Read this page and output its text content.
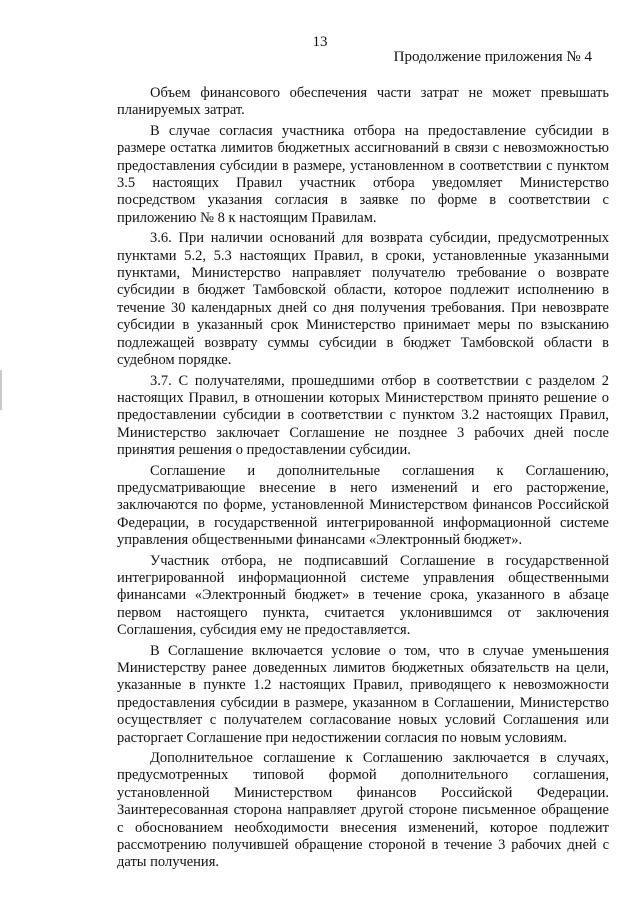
13
Продолжение приложения № 4

Объем финансового обеспечения части затрат не может превышать планируемых затрат.

В случае согласия участника отбора на предоставление субсидии в размере остатка лимитов бюджетных ассигнований в связи с невозможностью предоставления субсидии в размере, установленном в соответствии с пунктом 3.5 настоящих Правил участник отбора уведомляет Министерство посредством указания согласия в заявке по форме в соответствии с приложению № 8 к настоящим Правилам.

3.6. При наличии оснований для возврата субсидии, предусмотренных пунктами 5.2, 5.3 настоящих Правил, в сроки, установленные указанными пунктами, Министерство направляет получателю требование о возврате субсидии в бюджет Тамбовской области, которое подлежит исполнению в течение 30 календарных дней со дня получения требования. При невозврате субсидии в указанный срок Министерство принимает меры по взысканию подлежащей возврату суммы субсидии в бюджет Тамбовской области в судебном порядке.

3.7. С получателями, прошедшими отбор в соответствии с разделом 2 настоящих Правил, в отношении которых Министерством принято решение о предоставлении субсидии в соответствии с пунктом 3.2 настоящих Правил, Министерство заключает Соглашение не позднее 3 рабочих дней после принятия решения о предоставлении субсидии.

Соглашение и дополнительные соглашения к Соглашению, предусматривающие внесение в него изменений и его расторжение, заключаются по форме, установленной Министерством финансов Российской Федерации, в государственной интегрированной информационной системе управления общественными финансами «Электронный бюджет».

Участник отбора, не подписавший Соглашение в государственной интегрированной информационной системе управления общественными финансами «Электронный бюджет» в течение срока, указанного в абзаце первом настоящего пункта, считается уклонившимся от заключения Соглашения, субсидия ему не предоставляется.

В Соглашение включается условие о том, что в случае уменьшения Министерству ранее доведенных лимитов бюджетных обязательств на цели, указанные в пункте 1.2 настоящих Правил, приводящего к невозможности предоставления субсидии в размере, указанном в Соглашении, Министерство осуществляет с получателем согласование новых условий Соглашения или расторгает Соглашение при недостижении согласия по новым условиям.

Дополнительное соглашение к Соглашению заключается в случаях, предусмотренных типовой формой дополнительного соглашения, установленной Министерством финансов Российской Федерации. Заинтересованная сторона направляет другой стороне письменное обращение с обоснованием необходимости внесения изменений, которое подлежит рассмотрению получившей обращение стороной в течение 3 рабочих дней с даты получения.
